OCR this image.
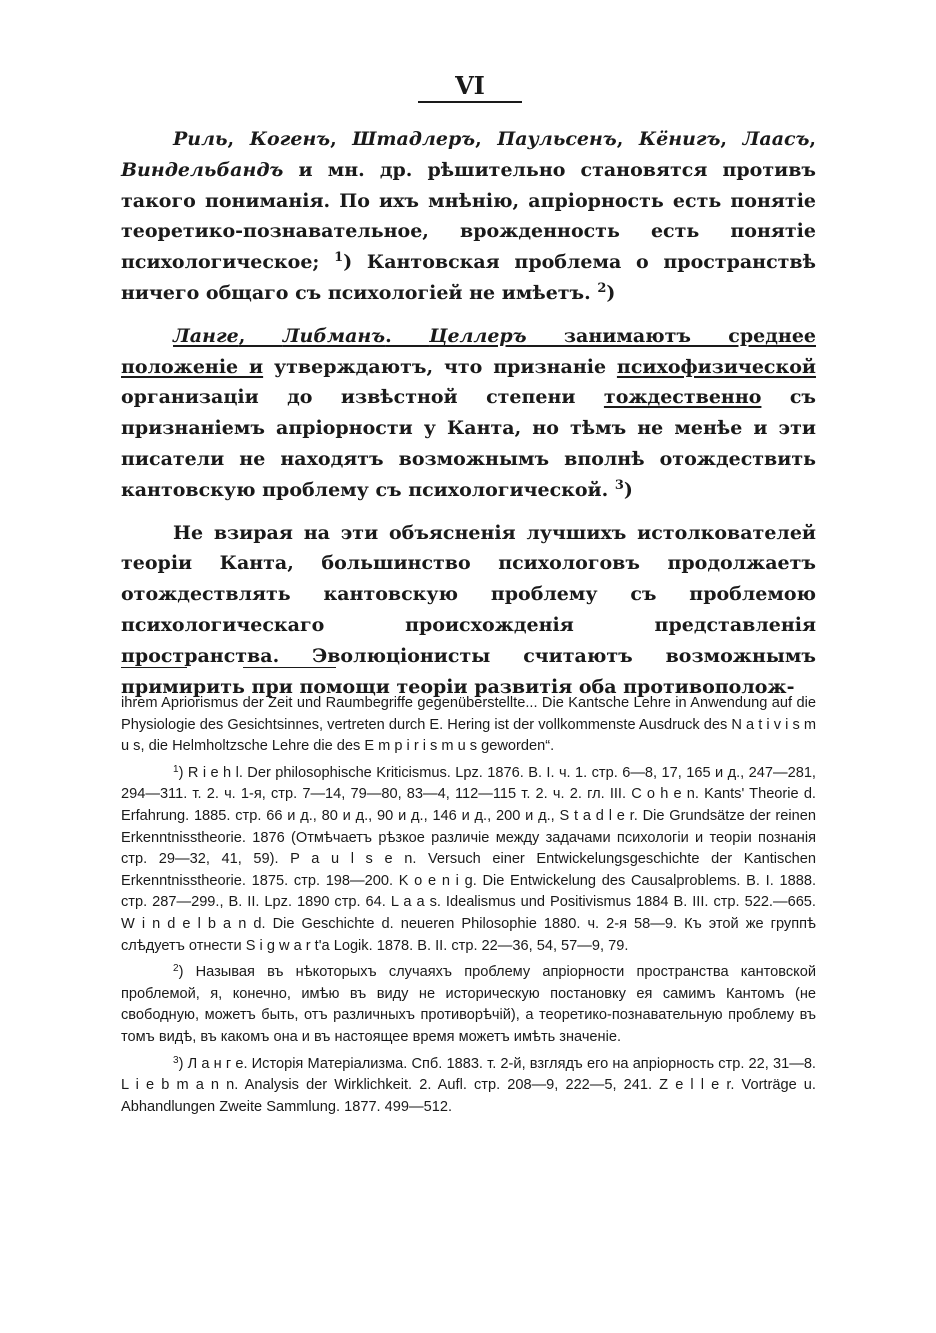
VI

Риль, Когенъ, Штадлеръ, Паульсенъ, Кёнигъ, Лаасъ, Виндельбандъ и мн. др. рѣшительно становятся противъ такого пониманія. По ихъ мнѣнію, апріорность есть понятіе теоретико-познавательное, врожденность есть понятіе психологическое; $^1$) Кантовская проблема о пространствѣ ничего общаго съ психологіей не имѣетъ. $^2$)

Ланге, Либманъ. Целлеръ занимаютъ среднее положеніе и утверждаютъ, что признаніе психофизической организаціи до извѣстной степени тождественно съ признаніемъ апріорности у Канта, но тѣмъ не менѣе и эти писатели не находятъ возможнымъ вполнѣ отождествить кантовскую проблему съ психологической. $^3$)

Не взирая на эти объясненія лучшихъ истолкователей теоріи Канта, большинство психологовъ продолжаетъ отождествлять кантовскую проблему съ проблемою психологическаго происхожденія представленія пространства. Эволюціонисты считаютъ возможнымъ примирить при помощи теоріи развитія оба противополож-

ihrem Apriorismus der Zeit und Raumbegriffe gegenüberstellte... Die Kantsche Lehre in Anwendung auf die Physiologie des Gesichtsinnes, vertreten durch E. Hering ist der vollkommenste Ausdruck des N a t i v i s m u s, die Helmholtzsche Lehre die des E m p i r i s m u s geworden“.

$^1$) R i e h l. Der philosophische Kriticismus. Lpz. 1876. B. I. ч. 1. стр. 6—8, 17, 165 и д., 247—281, 294—311. т. 2. ч. 1-я, стр. 7—14, 79—80, 83—4, 112—115 т. 2. ч. 2. гл. III. C o h e n. Kants' Theorie d. Erfahrung. 1885. стр. 66 и д., 80 и д., 90 и д., 146 и д., 200 и д., S t a d l e r. Die Grundsätze der reinen Erkenntnisstheorie. 1876 (Отмѣчаетъ рѣзкое различіе между задачами психологіи и теоріи познанія стр. 29—32, 41, 59). P a u l s e n. Versuch einer Entwickelungsgeschichte der Kantischen Erkenntnisstheorie. 1875. стр. 198—200. K o e n i g. Die Entwickelung des Causalproblems. B. I. 1888. стр. 287—299., B. II. Lpz. 1890 стр. 64. L a a s. Idealismus und Positivismus 1884 B. III. стр. 522.—665. W i n d e l b a n d. Die Geschichte d. neueren Philosophie 1880. ч. 2-я 58—9. Къ этой же группѣ слѣдуетъ отнести S i g w a r t'a Logik. 1878. B. II. стр. 22—36, 54, 57—9, 79.

$^2$) Называя въ нѣкоторыхъ случаяхъ проблему апріорности пространства кантовской проблемой, я, конечно, имѣю въ виду не историческую постановку ея самимъ Кантомъ (не свободную, можетъ быть, отъ различныхъ противорѣчій), а теоретико-познавательную проблему въ томъ видѣ, въ какомъ она и въ настоящее время можетъ имѣть значеніе.

$^3$) Л а н г е. Исторія Матеріализма. Спб. 1883. т. 2-й, взглядъ его на апріорность стр. 22, 31—8. L i e b m a n n. Analysis der Wirklichkeit. 2. Aufl. стр. 208—9, 222—5, 241. Z e l l e r. Vorträge u. Abhandlungen Zweite Sammlung. 1877. 499—512.
